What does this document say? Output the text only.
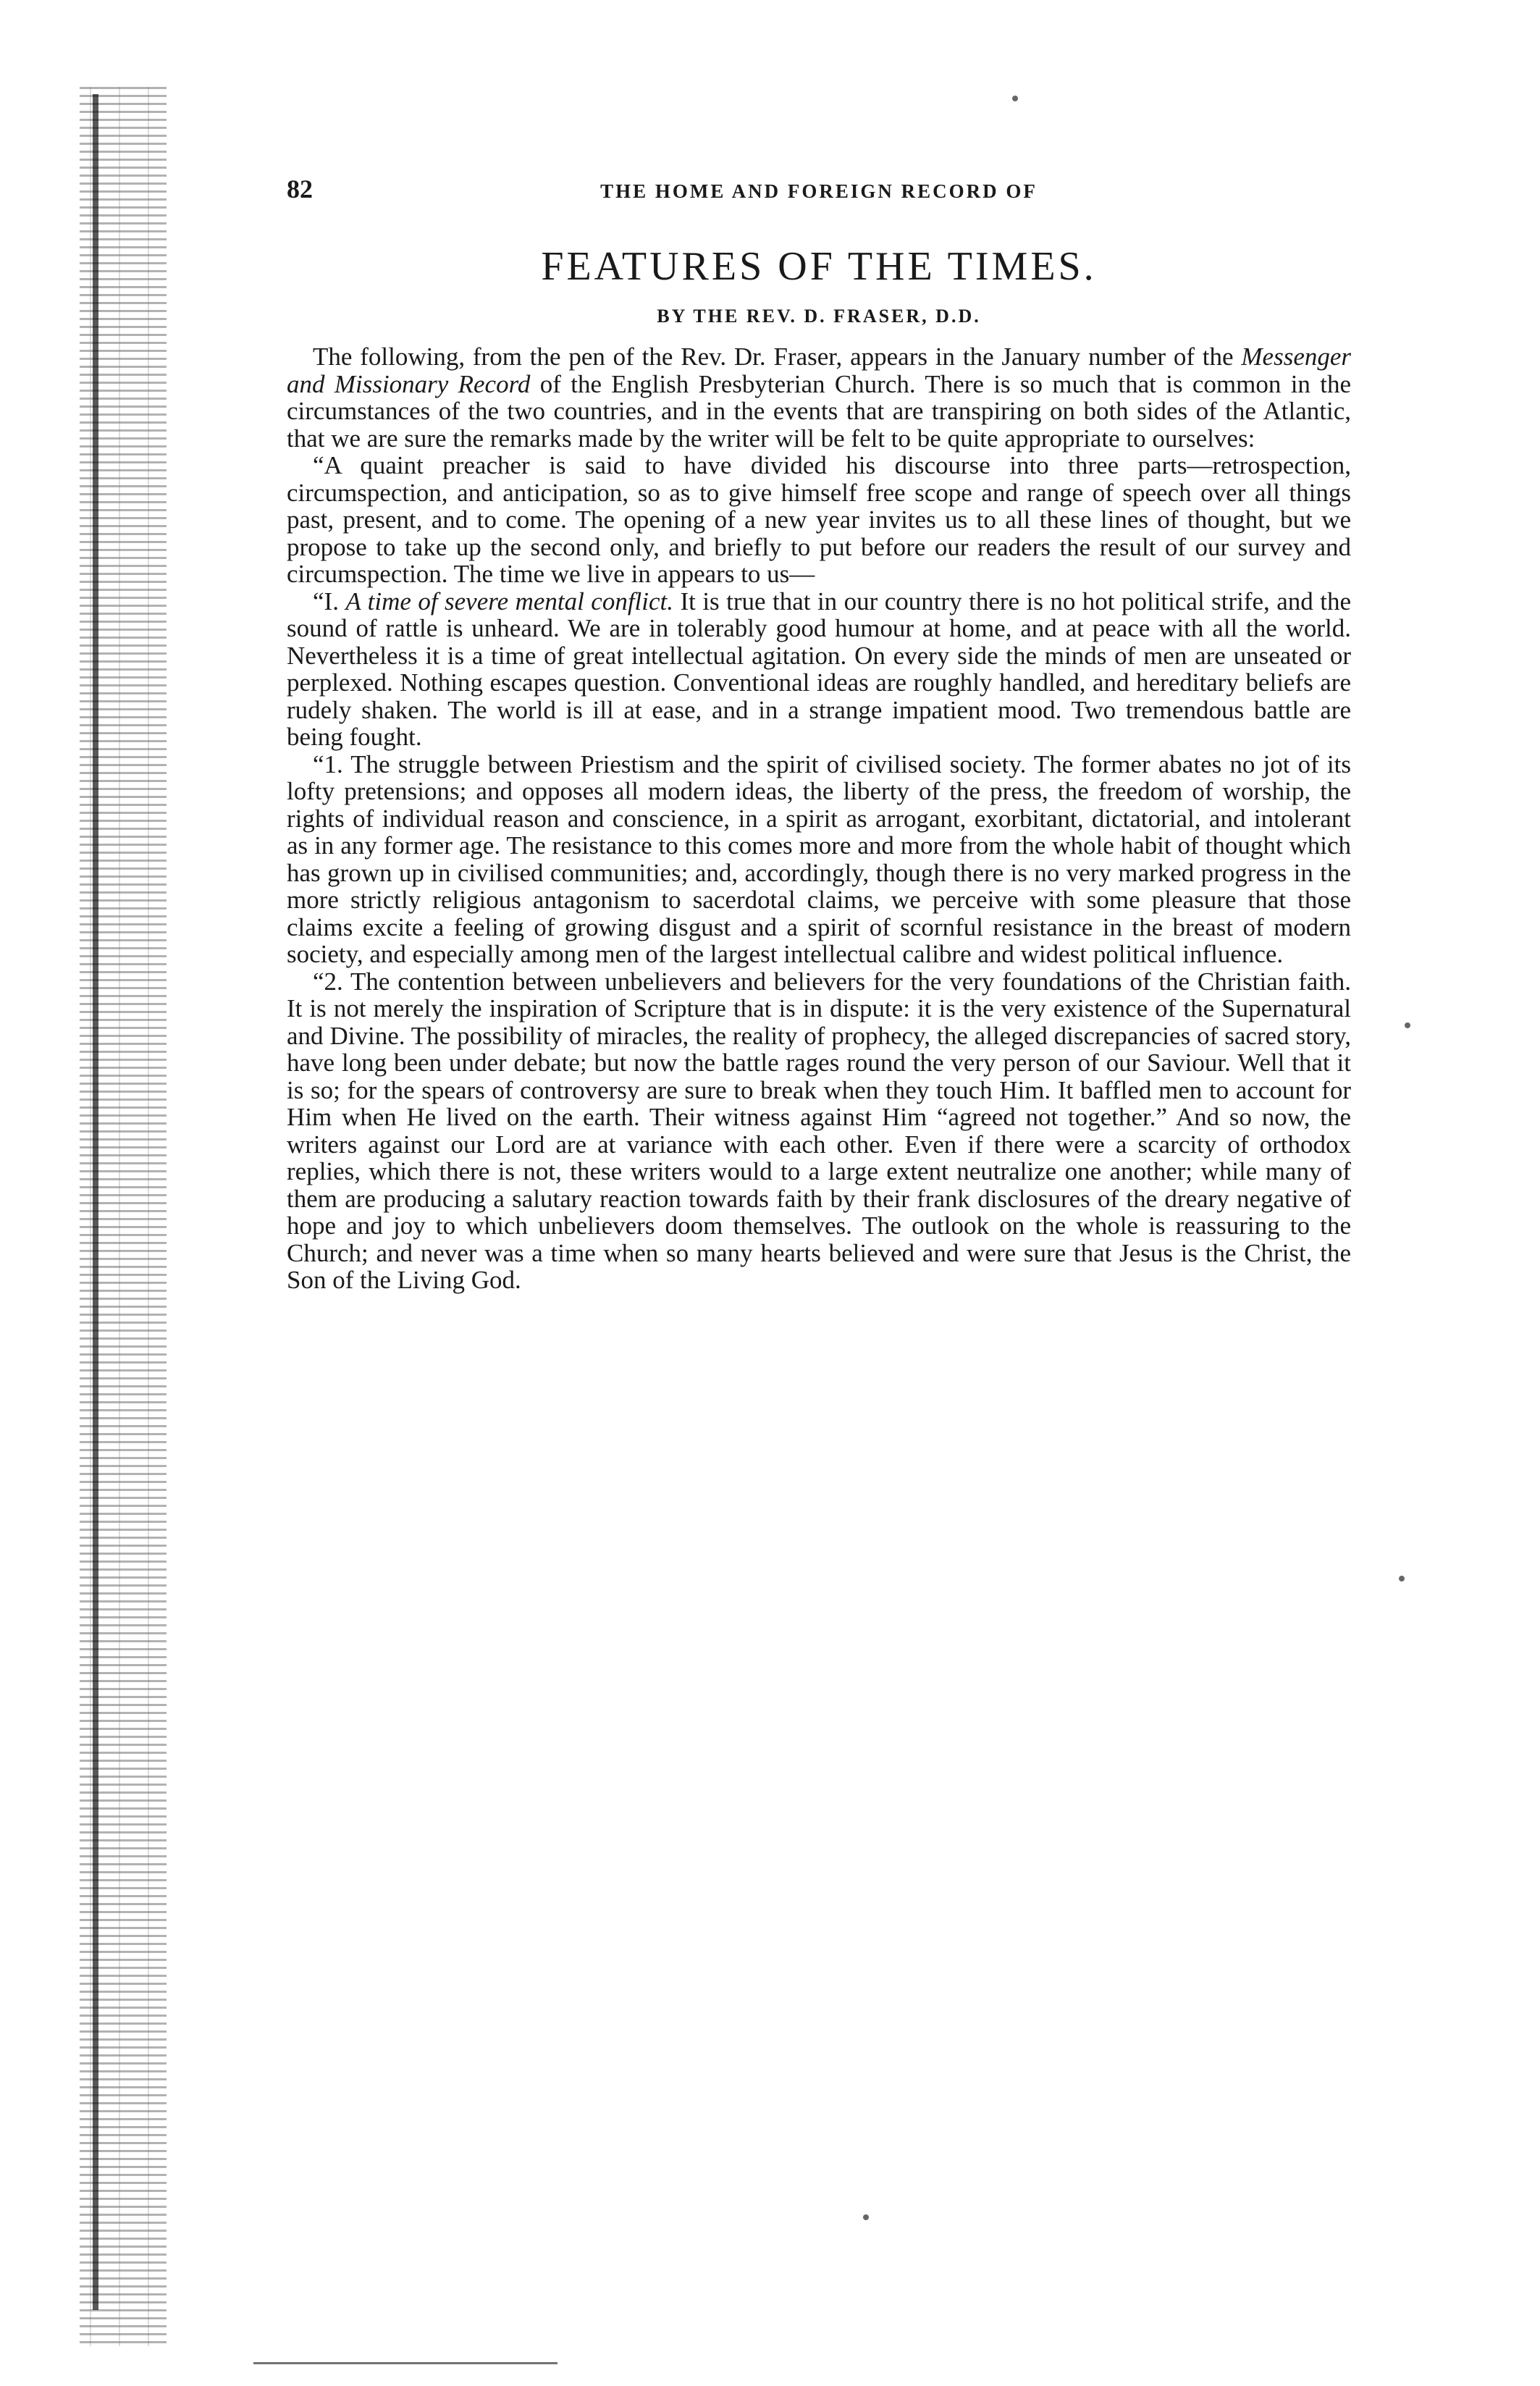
82	THE HOME AND FOREIGN RECORD OF
FEATURES OF THE TIMES.
BY THE REV. D. FRASER, D.D.

The following, from the pen of the Rev. Dr. Fraser, appears in the January number of the Messenger and Missionary Record of the English Presbyterian Church. There is so much that is common in the circumstances of the two countries, and in the events that are transpiring on both sides of the Atlantic, that we are sure the remarks made by the writer will be felt to be quite appropriate to ourselves:

“A quaint preacher is said to have divided his discourse into three parts—retrospection, circumspection, and anticipation, so as to give himself free scope and range of speech over all things past, present, and to come. The opening of a new year invites us to all these lines of thought, but we propose to take up the second only, and briefly to put before our readers the result of our survey and circumspection. The time we live in appears to us—

“I. A time of severe mental conflict. It is true that in our country there is no hot political strife, and the sound of rattle is unheard. We are in tolerably good humour at home, and at peace with all the world. Nevertheless it is a time of great intellectual agitation. On every side the minds of men are unseated or perplexed. Nothing escapes question. Conventional ideas are roughly handled, and hereditary beliefs are rudely shaken. The world is ill at ease, and in a strange impatient mood. Two tremendous battle are being fought.

“1. The struggle between Priestism and the spirit of civilised society. The former abates no jot of its lofty pretensions; and opposes all modern ideas, the liberty of the press, the freedom of worship, the rights of individual reason and conscience, in a spirit as arrogant, exorbitant, dictatorial, and intolerant as in any former age. The resistance to this comes more and more from the whole habit of thought which has grown up in civilised communities; and, accordingly, though there is no very marked progress in the more strictly religious antagonism to sacerdotal claims, we perceive with some pleasure that those claims excite a feeling of growing disgust and a spirit of scornful resistance in the breast of modern society, and especially among men of the largest intellectual calibre and widest political influence.

“2. The contention between unbelievers and believers for the very foundations of the Christian faith. It is not merely the inspiration of Scripture that is in dispute: it is the very existence of the Supernatural and Divine. The possibility of miracles, the reality of prophecy, the alleged discrepancies of sacred story, have long been under debate; but now the battle rages round the very person of our Saviour. Well that it is so; for the spears of controversy are sure to break when they touch Him. It baffled men to account for Him when He lived on the earth. Their witness against Him “agreed not together.” And so now, the writers against our Lord are at variance with each other. Even if there were a scarcity of orthodox replies, which there is not, these writers would to a large extent neutralize one another; while many of them are producing a salutary reaction towards faith by their frank disclosures of the dreary negative of hope and joy to which unbelievers doom themselves. The outlook on the whole is reassuring to the Church; and never was a time when so many hearts believed and were sure that Jesus is the Christ, the Son of the Living God.
